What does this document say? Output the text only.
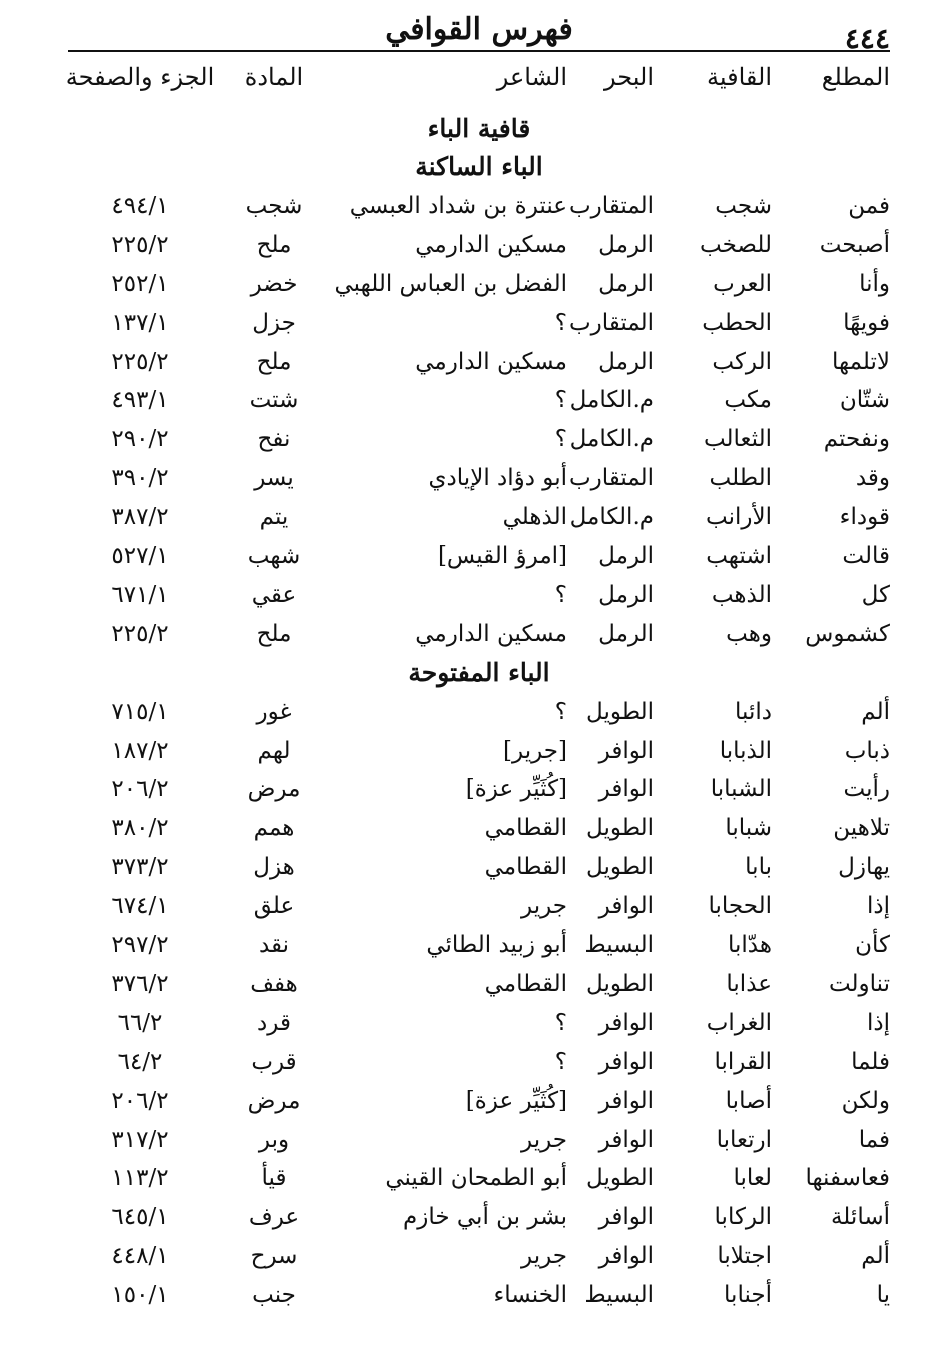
٤٤٤
فهرس القوافي
المطلع
القافية
البحر
الشاعر
المادة
الجزء والصفحة
قافية الباء
الباء الساكنة
فمن
شجب
المتقارب
عنترة بن شداد العبسي
شجب
٤٩٤/١
أصبحت
للصخب
الرمل
مسكين الدارمي
ملح
٢٢٥/٢
وأنا
العرب
الرمل
الفضل بن العباس اللهبي
خضر
٢٥٢/١
فويهًا
الحطب
المتقارب
؟
جزل
١٣٧/١
لاتلمها
الركب
الرمل
مسكين الدارمي
ملح
٢٢٥/٢
شتّان
مكب
م.الكامل
؟
شتت
٤٩٣/١
ونفحتم
الثعالب
م.الكامل
؟
نفح
٢٩٠/٢
وقد
الطلب
المتقارب
أبو دؤاد الإيادي
يسر
٣٩٠/٢
قوداء
الأرانب
م.الكامل
الذهلي
يتم
٣٨٧/٢
قالت
اشتهب
الرمل
[امرؤ القيس]
شهب
٥٢٧/١
كل
الذهب
الرمل
؟
عقي
٦٧١/١
كشموس
وهب
الرمل
مسكين الدارمي
ملح
٢٢٥/٢
الباء المفتوحة
ألم
دائبا
الطويل
؟
غور
٧١٥/١
ذباب
الذبابا
الوافر
[جرير]
لهم
١٨٧/٢
رأيت
الشبابا
الوافر
[كُثَيِّر عزة]
مرض
٢٠٦/٢
تلاهين
شبابا
الطويل
القطامي
همم
٣٨٠/٢
يهازل
بابا
الطويل
القطامي
هزل
٣٧٣/٢
إذا
الحجابا
الوافر
جرير
علق
٦٧٤/١
كأن
هدّابا
البسيط
أبو زبيد الطائي
نقد
٢٩٧/٢
تناولت
عذابا
الطويل
القطامي
هفف
٣٧٦/٢
إذا
الغراب
الوافر
؟
قرد
٦٦/٢
فلما
القرابا
الوافر
؟
قرب
٦٤/٢
ولكن
أصابا
الوافر
[كُثَيِّر عزة]
مرض
٢٠٦/٢
فما
ارتعابا
الوافر
جرير
وبر
٣١٧/٢
فعاسفنها
لعابا
الطويل
أبو الطمحان القيني
قيأ
١١٣/٢
أسائلة
الركابا
الوافر
بشر بن أبي خازم
عرف
٦٤٥/١
ألم
اجتلابا
الوافر
جرير
سرح
٤٤٨/١
يا
أجنابا
البسيط
الخنساء
جنب
١٥٠/١
